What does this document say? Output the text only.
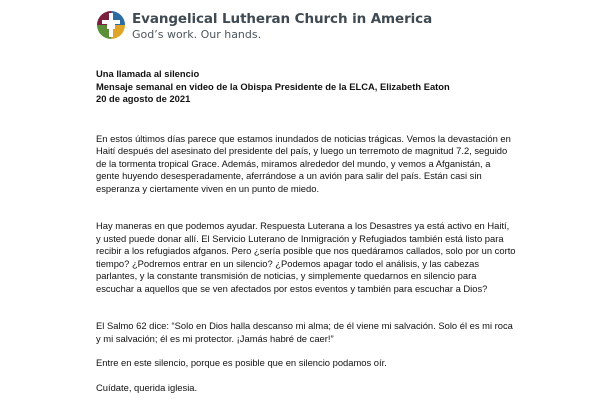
Evangelical Lutheran Church in America
God’s work. Our hands.
Una llamada al silencio
Mensaje semanal en video de la Obispa Presidente de la ELCA, Elizabeth Eaton
20 de agosto de 2021

En estos últimos días parece que estamos inundados de noticias trágicas. Vemos la devastación en Haití después del asesinato del presidente del país, y luego un terremoto de magnitud 7.2, seguido de la tormenta tropical Grace. Además, miramos alrededor del mundo, y vemos a Afganistán, a gente huyendo desesperadamente, aferrándose a un avión para salir del país. Están casi sin esperanza y ciertamente viven en un punto de miedo.

Hay maneras en que podemos ayudar. Respuesta Luterana a los Desastres ya está activo en Haití, y usted puede donar allí. El Servicio Luterano de Inmigración y Refugiados también está listo para recibir a los refugiados afganos. Pero ¿sería posible que nos quedáramos callados, solo por un corto tiempo? ¿Podremos entrar en un silencio? ¿Podemos apagar todo el análisis, y las cabezas parlantes, y la constante transmisión de noticias, y simplemente quedarnos en silencio para escuchar a aquellos que se ven afectados por estos eventos y también para escuchar a Dios?

El Salmo 62 dice: “Solo en Dios halla descanso mi alma; de él viene mi salvación. Solo él es mi roca y mi salvación; él es mi protector. ¡Jamás habré de caer!”

Entre en este silencio, porque es posible que en silencio podamos oír.

Cuídate, querida iglesia.
